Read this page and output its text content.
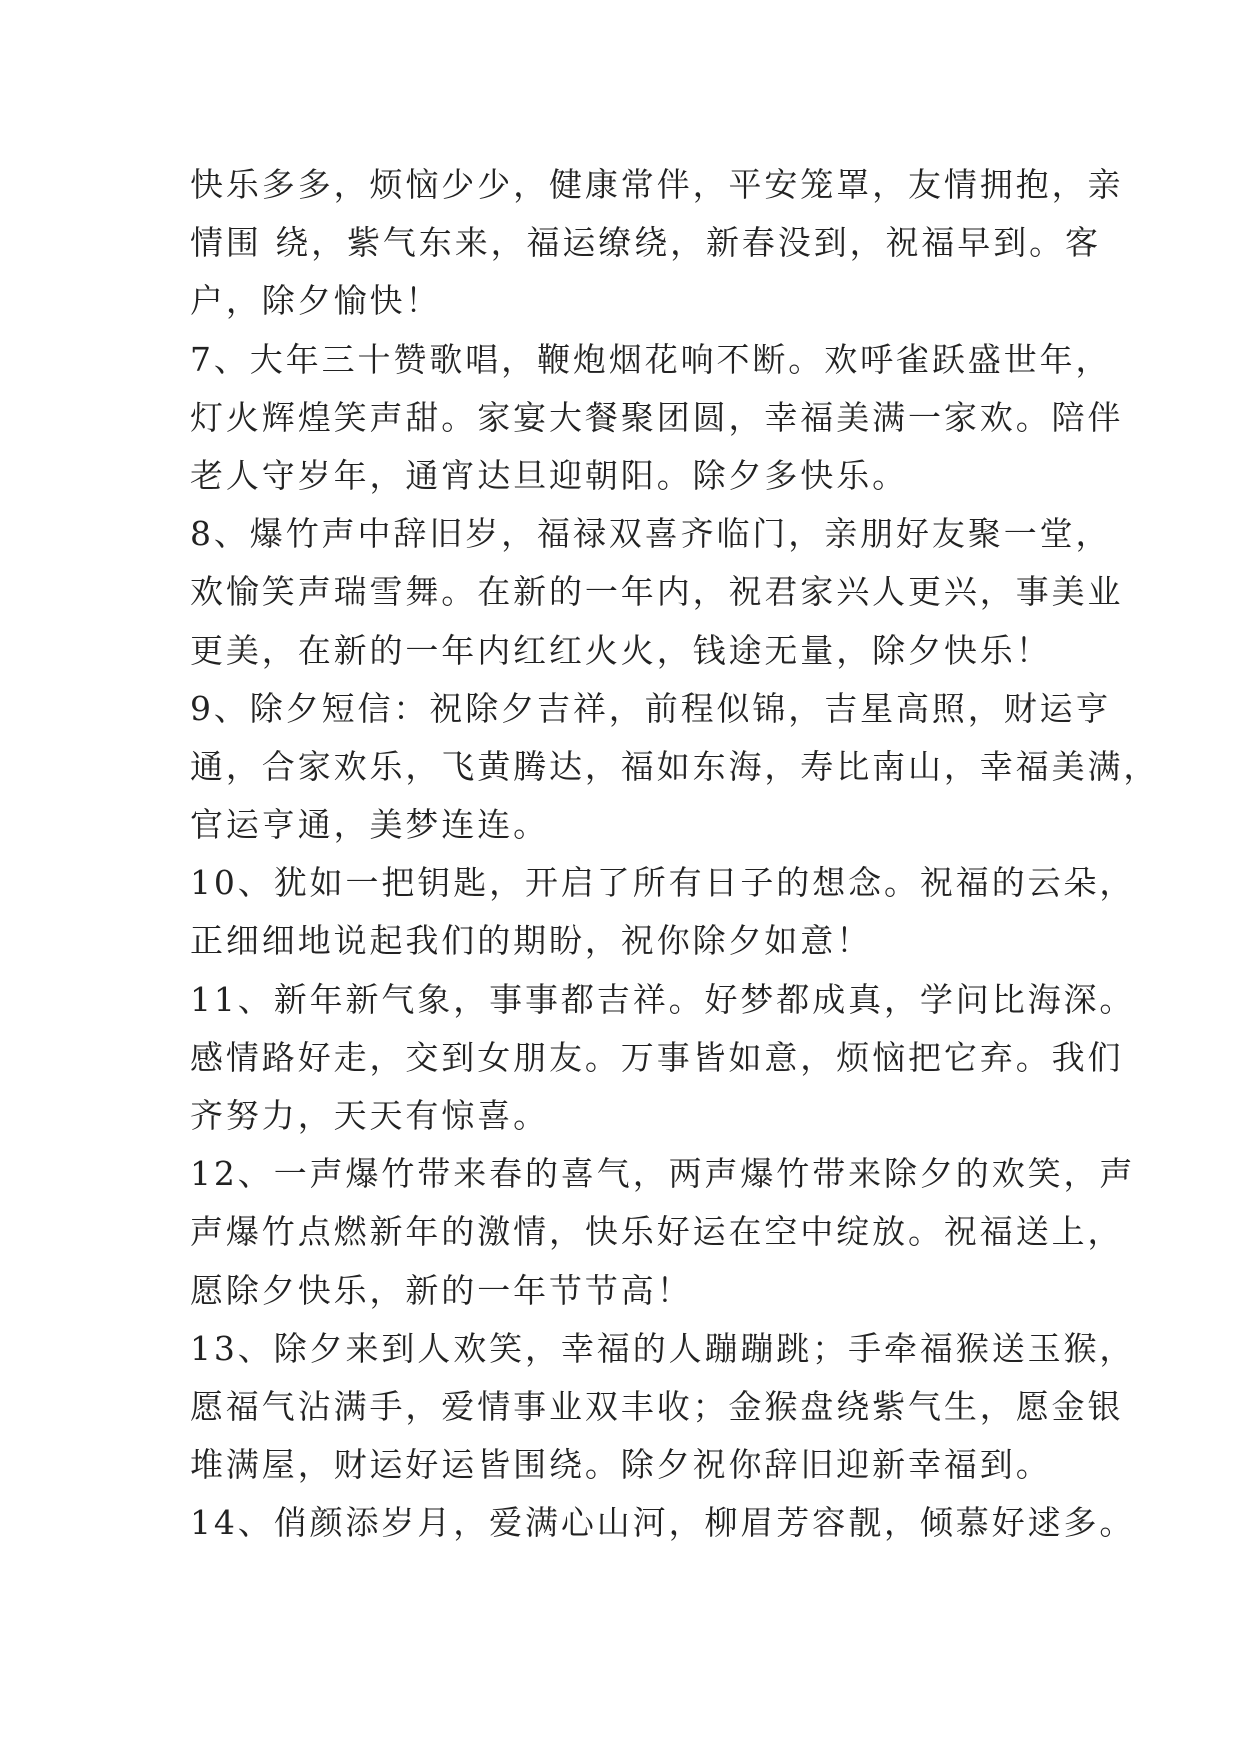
快乐多多，烦恼少少，健康常伴，平安笼罩，友情拥抱，亲
情围 绕，紫气东来，福运缭绕，新春没到，祝福早到。客
户，除夕愉快！
7、大年三十赞歌唱，鞭炮烟花响不断。欢呼雀跃盛世年，
灯火辉煌笑声甜。家宴大餐聚团圆，幸福美满一家欢。陪伴
老人守岁年，通宵达旦迎朝阳。除夕多快乐。
8、爆竹声中辞旧岁，福禄双喜齐临门，亲朋好友聚一堂，
欢愉笑声瑞雪舞。在新的一年内，祝君家兴人更兴，事美业
更美，在新的一年内红红火火，钱途无量，除夕快乐！
9、除夕短信：祝除夕吉祥，前程似锦，吉星高照，财运亨
通，合家欢乐，飞黄腾达，福如东海，寿比南山，幸福美满，
官运亨通，美梦连连。
10、犹如一把钥匙，开启了所有日子的想念。祝福的云朵，
正细细地说起我们的期盼，祝你除夕如意！
11、新年新气象，事事都吉祥。好梦都成真，学问比海深。
感情路好走，交到女朋友。万事皆如意，烦恼把它弃。我们
齐努力，天天有惊喜。
12、一声爆竹带来春的喜气，两声爆竹带来除夕的欢笑，声
声爆竹点燃新年的激情，快乐好运在空中绽放。祝福送上，
愿除夕快乐，新的一年节节高！
13、除夕来到人欢笑，幸福的人蹦蹦跳；手牵福猴送玉猴，
愿福气沾满手，爱情事业双丰收；金猴盘绕紫气生，愿金银
堆满屋，财运好运皆围绕。除夕祝你辞旧迎新幸福到。
14、俏颜添岁月，爱满心山河，柳眉芳容靓，倾慕好逑多。
